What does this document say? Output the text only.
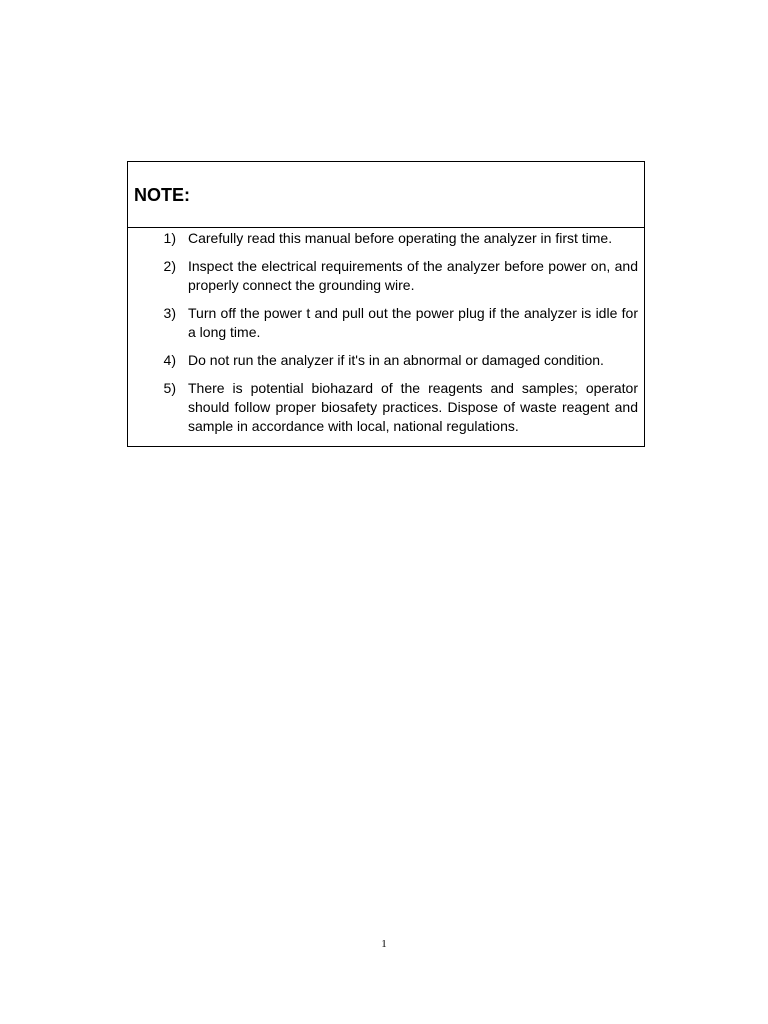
NOTE:
1) Carefully read this manual before operating the analyzer in first time.
2) Inspect the electrical requirements of the analyzer before power on, and properly connect the grounding wire.
3) Turn off the power t and pull out the power plug if the analyzer is idle for a long time.
4) Do not run the analyzer if it's in an abnormal or damaged condition.
5) There is potential biohazard of the reagents and samples; operator should follow proper biosafety practices. Dispose of waste reagent and sample in accordance with local, national regulations.
1
